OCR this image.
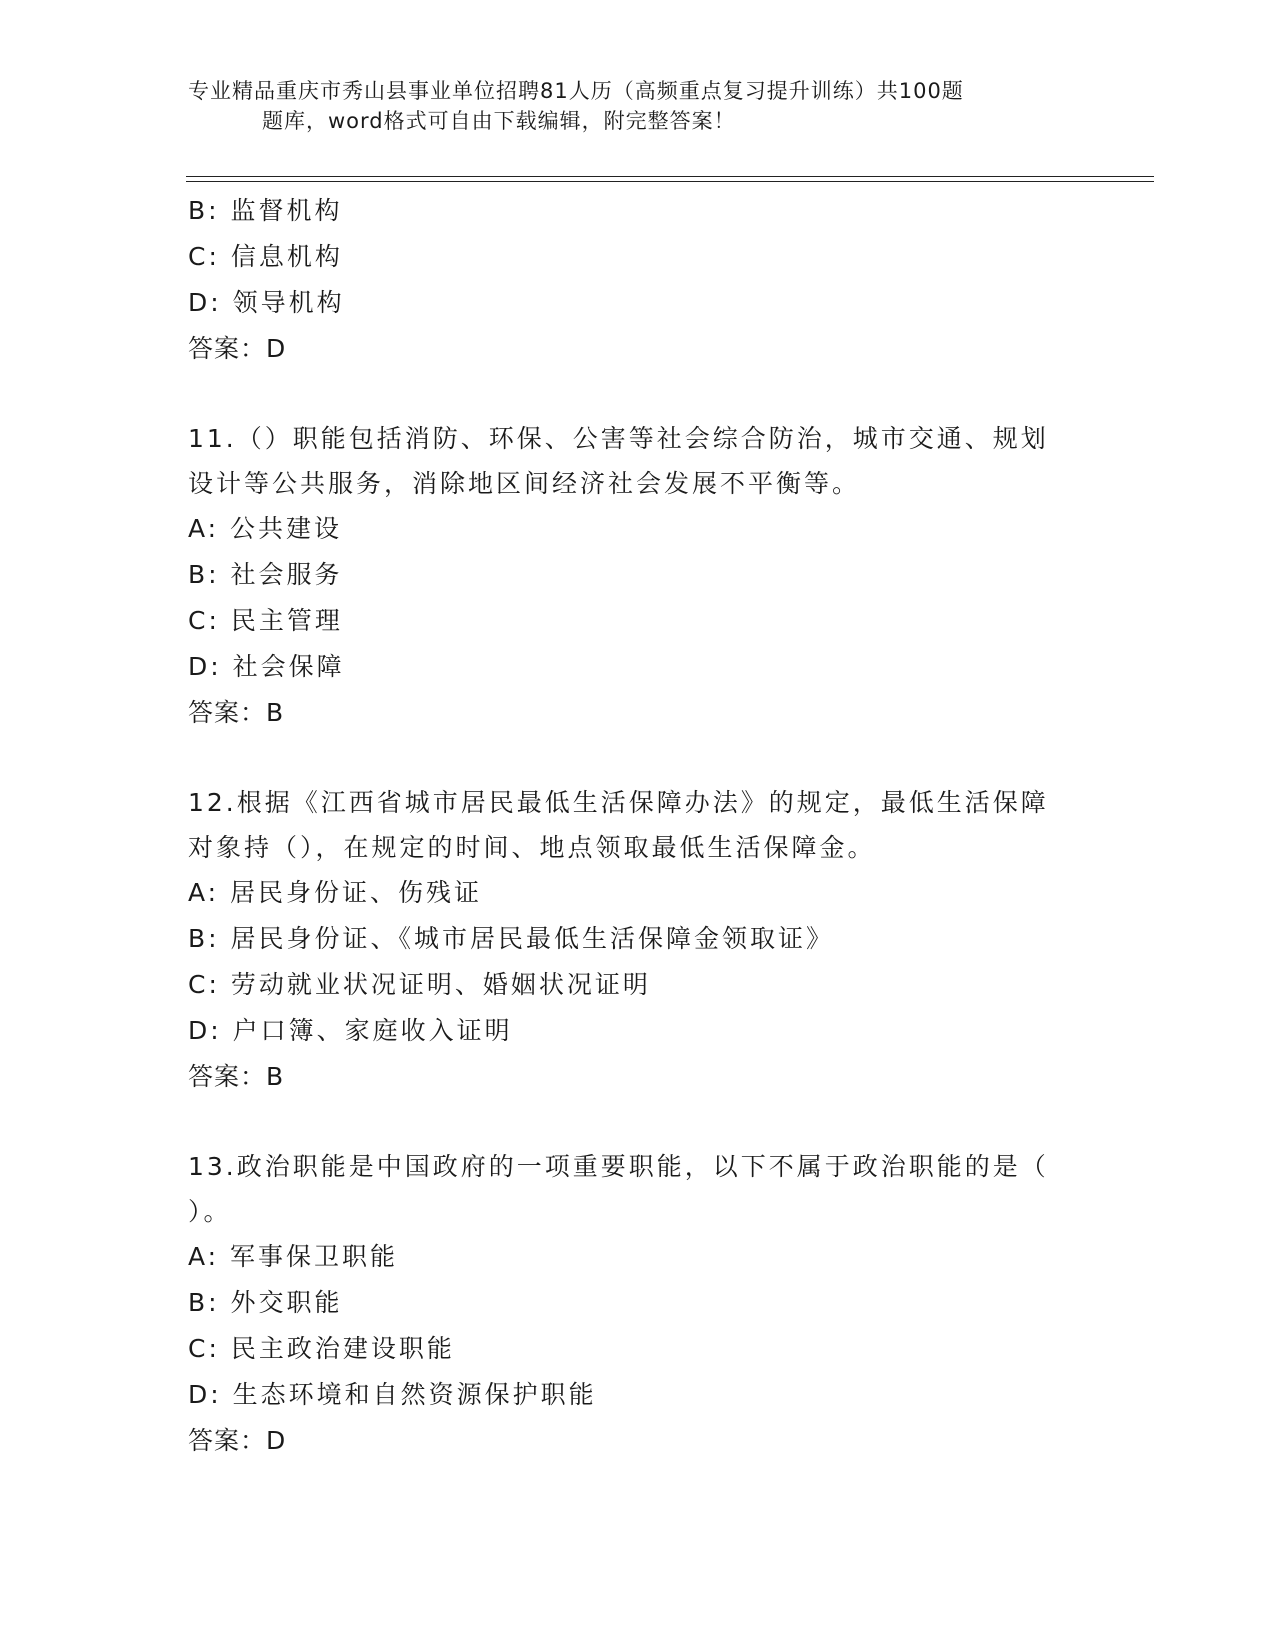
专业精品重庆市秀山县事业单位招聘81人历（高频重点复习提升训练）共100题
题库，word格式可自由下载编辑，附完整答案！
B: 监督机构
C: 信息机构
D: 领导机构
答案：D
11.（）职能包括消防、环保、公害等社会综合防治，城市交通、规划
设计等公共服务，消除地区间经济社会发展不平衡等。
A: 公共建设
B: 社会服务
C: 民主管理
D: 社会保障
答案：B
12.根据《江西省城市居民最低生活保障办法》的规定，最低生活保障
对象持（），在规定的时间、地点领取最低生活保障金。
A: 居民身份证、伤残证
B: 居民身份证、《城市居民最低生活保障金领取证》
C: 劳动就业状况证明、婚姻状况证明
D: 户口簿、家庭收入证明
答案：B
13.政治职能是中国政府的一项重要职能，以下不属于政治职能的是（
）。
A: 军事保卫职能
B: 外交职能
C: 民主政治建设职能
D: 生态环境和自然资源保护职能
答案：D
